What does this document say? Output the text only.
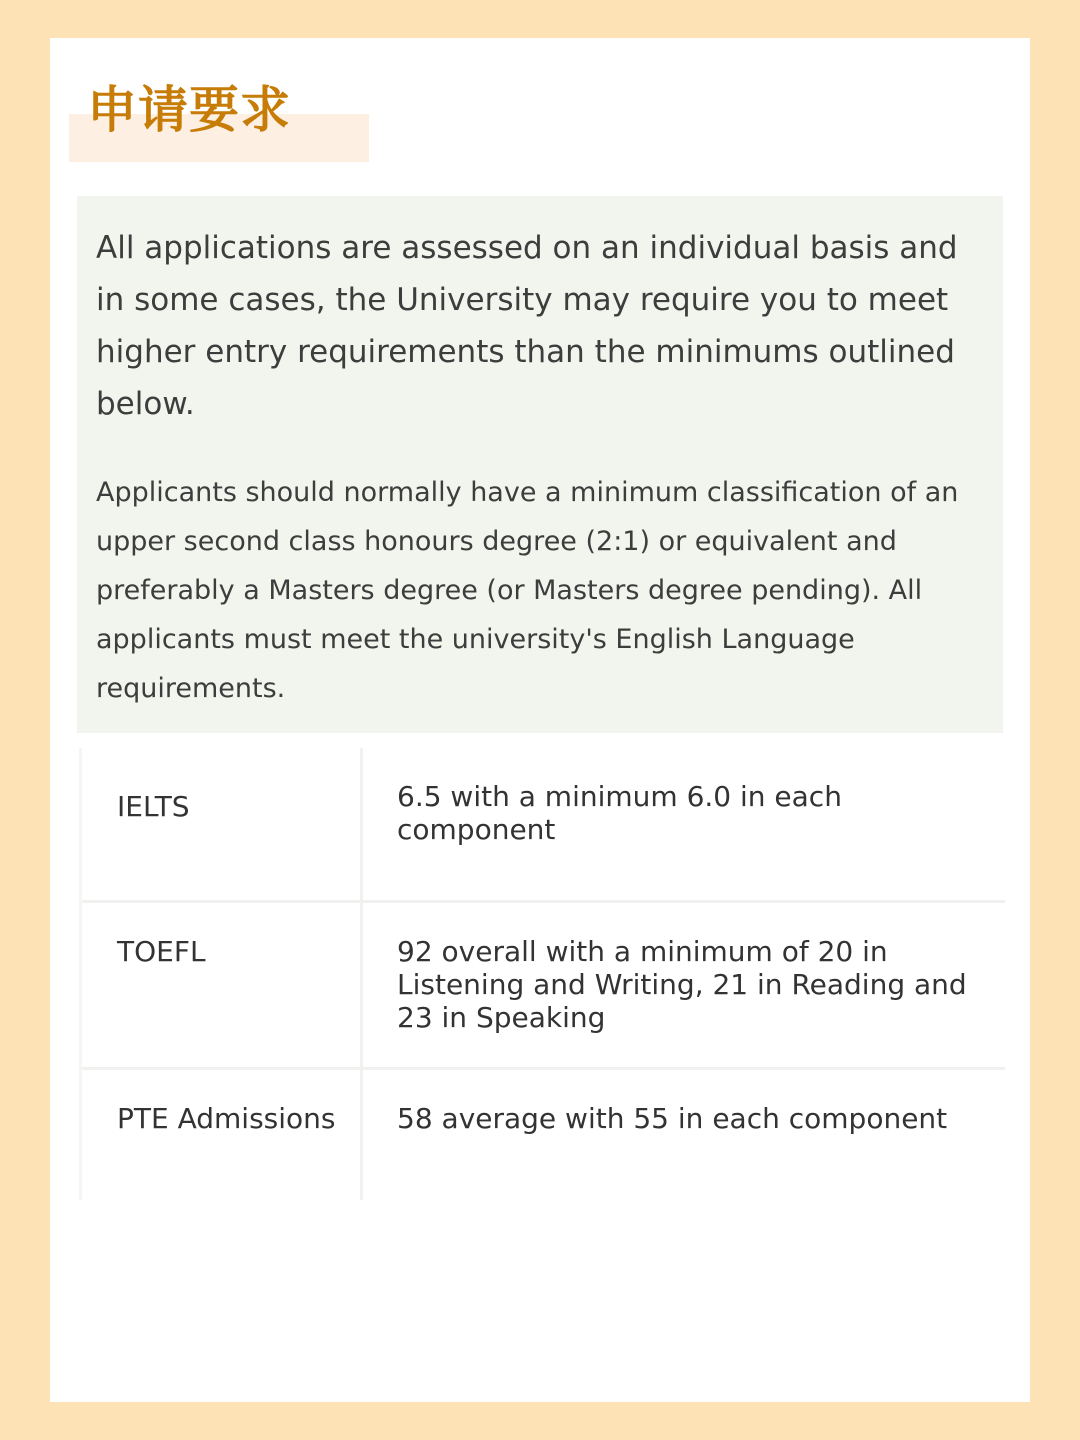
申请要求

All applications are assessed on an individual basis and in some cases, the University may require you to meet higher entry requirements than the minimums outlined below.

Applicants should normally have a minimum classification of an upper second class honours degree (2:1) or equivalent and preferably a Masters degree (or Masters degree pending). All applicants must meet the university's English Language requirements.

IELTS	6.5 with a minimum 6.0 in each component
TOEFL	92 overall with a minimum of 20 in Listening and Writing, 21 in Reading and 23 in Speaking
PTE Admissions	58 average with 55 in each component
